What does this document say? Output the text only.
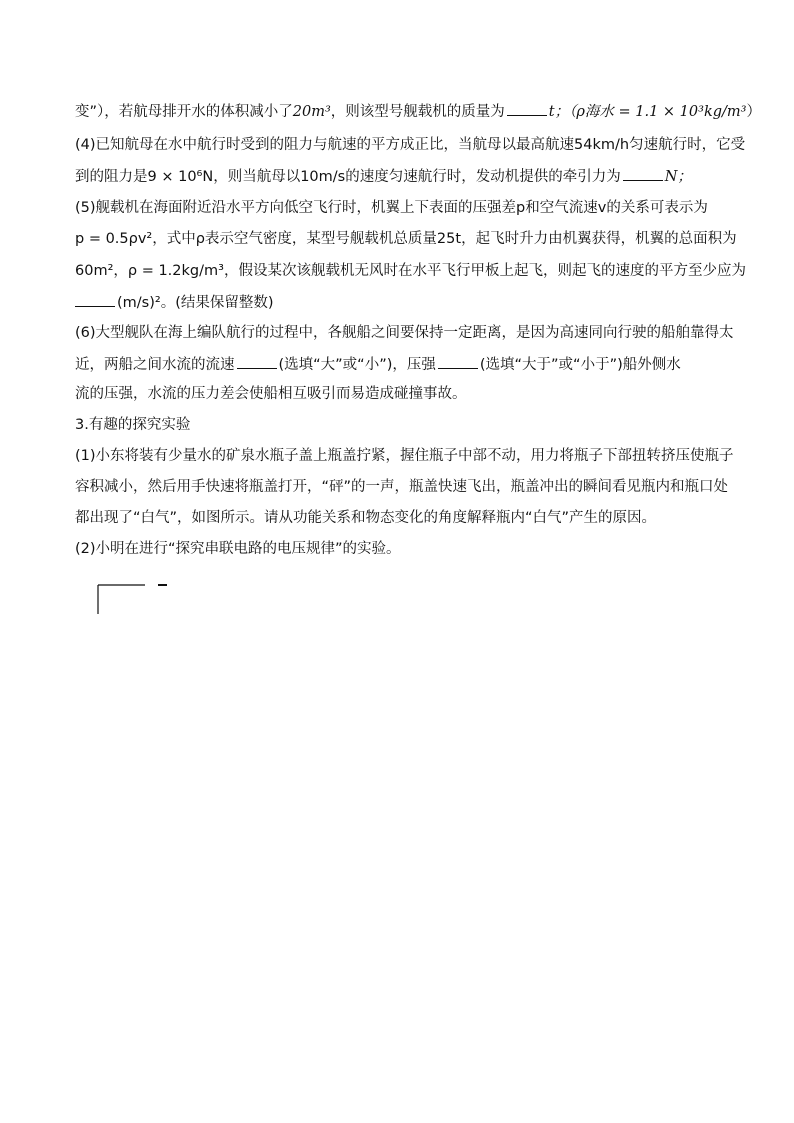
变”），若航母排开水的体积减小了20m³，则该型号舰载机的质量为	t；（ρ海水 = 1.1 × 10³kg/m³）
(4)已知航母在水中航行时受到的阻力与航速的平方成正比，当航母以最高航速54km/h匀速航行时，它受
到的阻力是9 × 10⁶N，则当航母以10m/s的速度匀速航行时，发动机提供的牵引力为	N；
(5)舰载机在海面附近沿水平方向低空飞行时，机翼上下表面的压强差p和空气流速v的关系可表示为
p = 0.5ρv²，式中ρ表示空气密度，某型号舰载机总质量25t，起飞时升力由机翼获得，机翼的总面积为
60m²，ρ = 1.2kg/m³，假设某次该舰载机无风时在水平飞行甲板上起飞，则起飞的速度的平方至少应为
(m/s)²。(结果保留整数)
(6)大型舰队在海上编队航行的过程中，各舰船之间要保持一定距离，是因为高速同向行驶的船舶靠得太
近，两船之间水流的流速	(选填“大”或“小”)，压强	(选填“大于”或“小于”)船外侧水
流的压强，水流的压力差会使船相互吸引而易造成碰撞事故。
3.有趣的探究实验
(1)小东将装有少量水的矿泉水瓶子盖上瓶盖拧紧，握住瓶子中部不动，用力将瓶子下部扭转挤压使瓶子
容积减小，然后用手快速将瓶盖打开，“砰”的一声，瓶盖快速飞出，瓶盖冲出的瞬间看见瓶内和瓶口处
都出现了“白气”，如图所示。请从功能关系和物态变化的角度解释瓶内“白气”产生的原因。
(2)小明在进行“探究串联电路的电压规律”的实验。
